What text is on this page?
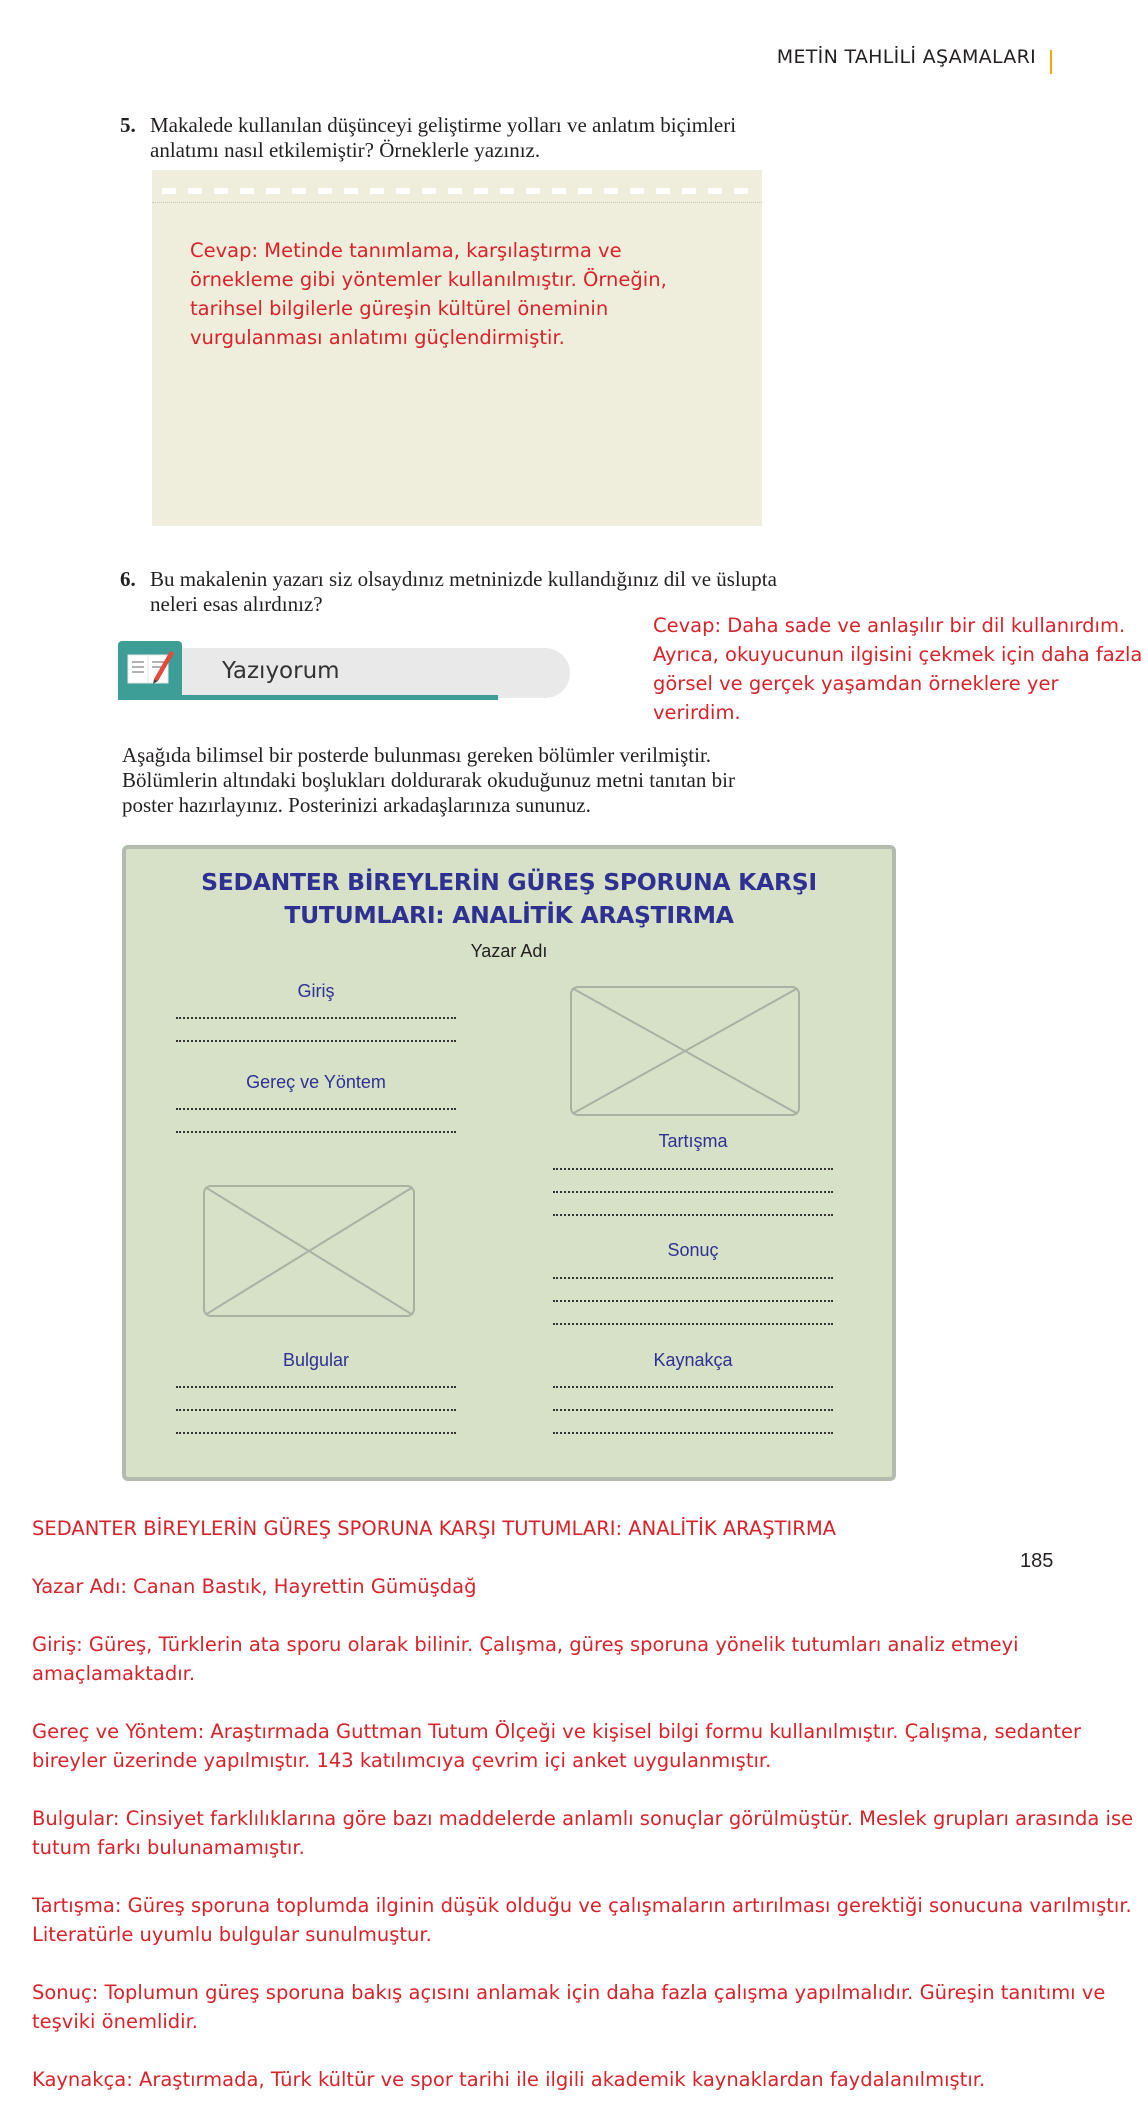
METİN TAHLİLİ AŞAMALARI
5. Makalede kullanılan düşünceyi geliştirme yolları ve anlatım biçimleri
anlatımı nasıl etkilemiştir? Örneklerle yazınız.
Cevap: Metinde tanımlama, karşılaştırma ve
örnekleme gibi yöntemler kullanılmıştır. Örneğin,
tarihsel bilgilerle güreşin kültürel öneminin
vurgulanması anlatımı güçlendirmiştir.
6. Bu makalenin yazarı siz olsaydınız metninizde kullandığınız dil ve üslupta
neleri esas alırdınız?
Cevap: Daha sade ve anlaşılır bir dil kullanırdım.
Ayrıca, okuyucunun ilgisini çekmek için daha fazla
görsel ve gerçek yaşamdan örneklere yer verirdim.
Yazıyorum
Aşağıda bilimsel bir posterde bulunması gereken bölümler verilmiştir.
Bölümlerin altındaki boşlukları doldurarak okuduğunuz metni tanıtan bir
poster hazırlayınız. Posterinizi arkadaşlarınıza sununuz.
SEDANTER BİREYLERİN GÜREŞ SPORUNA KARŞI
TUTUMLARI: ANALİTİK ARAŞTIRMA
Yazar Adı
Giriş
Gereç ve Yöntem
Bulgular
Tartışma
Sonuç
Kaynakça
185
SEDANTER BİREYLERİN GÜREŞ SPORUNA KARŞI TUTUMLARI: ANALİTİK ARAŞTIRMA
Yazar Adı: Canan Bastık, Hayrettin Gümüşdağ
Giriş: Güreş, Türklerin ata sporu olarak bilinir. Çalışma, güreş sporuna yönelik tutumları analiz etmeyi
amaçlamaktadır.
Gereç ve Yöntem: Araştırmada Guttman Tutum Ölçeği ve kişisel bilgi formu kullanılmıştır. Çalışma, sedanter
bireyler üzerinde yapılmıştır. 143 katılımcıya çevrim içi anket uygulanmıştır.
Bulgular: Cinsiyet farklılıklarına göre bazı maddelerde anlamlı sonuçlar görülmüştür. Meslek grupları arasında ise
tutum farkı bulunamamıştır.
Tartışma: Güreş sporuna toplumda ilginin düşük olduğu ve çalışmaların artırılması gerektiği sonucuna varılmıştır.
Literatürle uyumlu bulgular sunulmuştur.
Sonuç: Toplumun güreş sporuna bakış açısını anlamak için daha fazla çalışma yapılmalıdır. Güreşin tanıtımı ve
teşviki önemlidir.
Kaynakça: Araştırmada, Türk kültür ve spor tarihi ile ilgili akademik kaynaklardan faydalanılmıştır.
